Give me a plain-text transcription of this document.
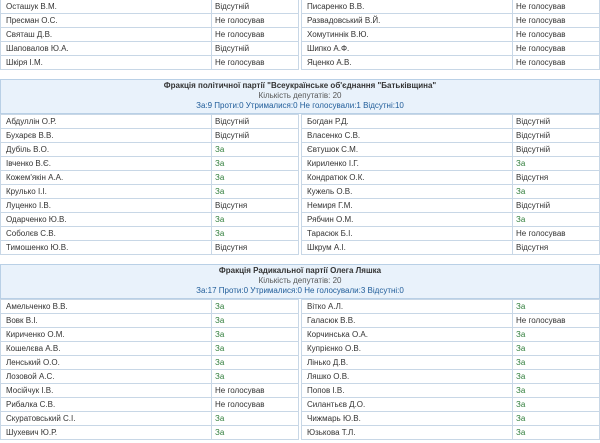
Осташук В.М.	Відсутній
Пресман О.С.	Не голосував
Святаш Д.В.	Не голосував
Шаповалов Ю.А.	Відсутній
Шкіря І.М.	Не голосував
Писаренко В.В.	Не голосував
Развадовський В.Й.	Не голосував
Хомутиннік В.Ю.	Не голосував
Шипко А.Ф.	Не голосував
Яценко А.В.	Не голосував
Фракція політичної партії "Всеукраїнське об'єднання "Батьківщина"
Кількість депутатів: 20
За:9 Проти:0 Утрималися:0 Не голосували:1 Відсутні:10
Абдуллін О.Р.	Відсутній
Бухарєв В.В.	Відсутній
Дубіль В.О.	За
Івченко В.Є.	За
Кожем'якін А.А.	За
Крулько І.І.	За
Луценко І.В.	Відсутня
Одарченко Ю.В.	За
Соболєв С.В.	За
Тимошенко Ю.В.	Відсутня
Богдан Р.Д.	Відсутній
Власенко С.В.	Відсутній
Євтушок С.М.	Відсутній
Кириленко І.Г.	За
Кондратюк О.К.	Відсутня
Кужель О.В.	За
Немиря Г.М.	Відсутній
Рябчин О.М.	За
Тарасюк Б.І.	Не голосував
Шкрум А.І.	Відсутня
Фракція Радикальної партії Олега Ляшка
Кількість депутатів: 20
За:17 Проти:0 Утрималися:0 Не голосували:3 Відсутні:0
Амельченко В.В.	За
Вовк В.І.	За
Кириченко О.М.	За
Кошелєва А.В.	За
Ленський О.О.	За
Лозовой А.С.	За
Мосійчук І.В.	Не голосував
Рибалка С.В.	Не голосував
Скуратовський С.І.	За
Шухевич Ю.Р.	За
Вітко А.Л.	За
Галасюк В.В.	Не голосував
Корчинська О.А.	За
Купрієнко О.В.	За
Лінько Д.В.	За
Ляшко О.В.	За
Попов І.В.	За
Силантьєв Д.О.	За
Чижмарь Ю.В.	За
Юзькова Т.Л.	За
